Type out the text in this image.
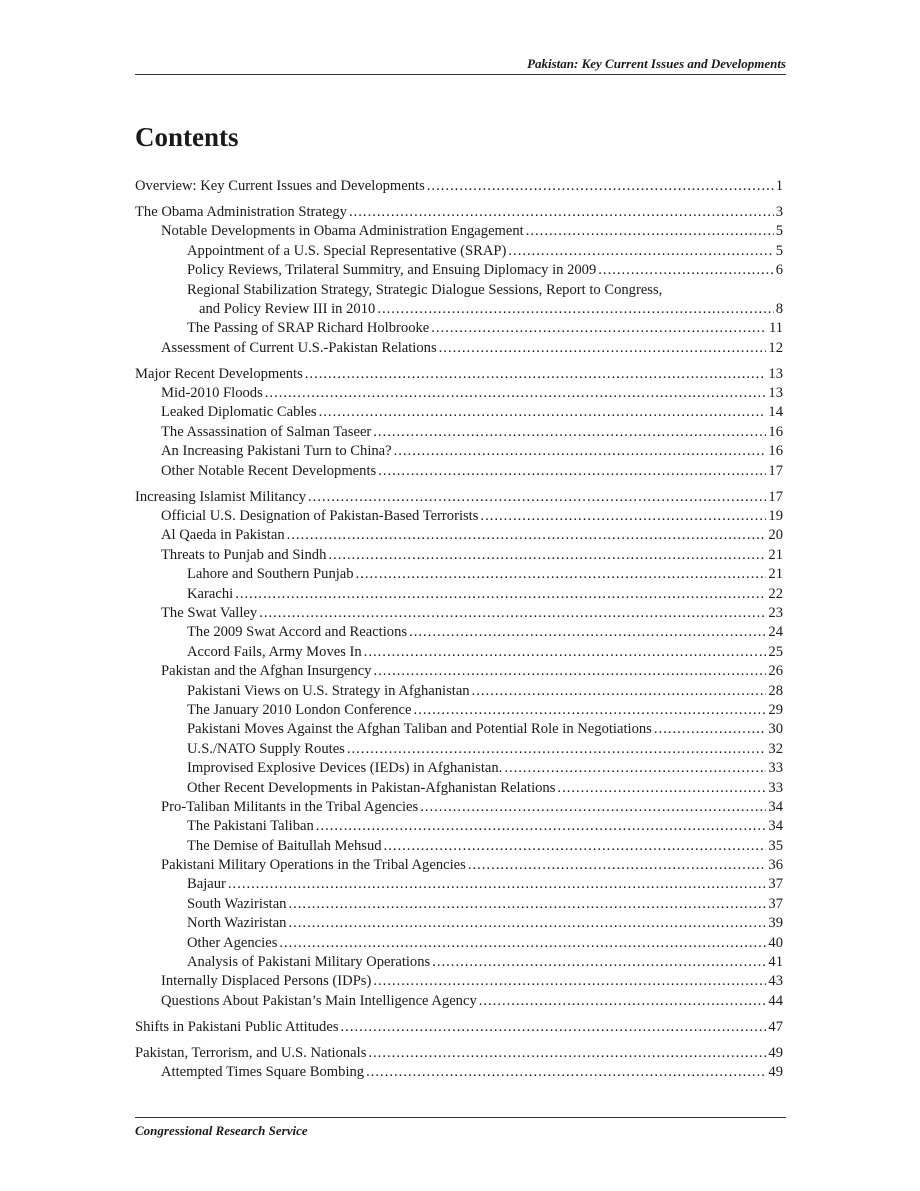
Pakistan: Key Current Issues and Developments
Contents
Overview: Key Current Issues and Developments .....	1
The Obama Administration Strategy .....	3
Notable Developments in Obama Administration Engagement .....	5
Appointment of a U.S. Special Representative (SRAP) .....	5
Policy Reviews, Trilateral Summitry, and Ensuing Diplomacy in 2009 .....	6
Regional Stabilization Strategy, Strategic Dialogue Sessions, Report to Congress,
and Policy Review III in 2010 .....	8
The Passing of SRAP Richard Holbrooke .....	11
Assessment of Current U.S.-Pakistan Relations .....	12
Major Recent Developments .....	13
Mid-2010 Floods .....	13
Leaked Diplomatic Cables .....	14
The Assassination of Salman Taseer .....	16
An Increasing Pakistani Turn to China? .....	16
Other Notable Recent Developments .....	17
Increasing Islamist Militancy .....	17
Official U.S. Designation of Pakistan-Based Terrorists .....	19
Al Qaeda in Pakistan .....	20
Threats to Punjab and Sindh .....	21
Lahore and Southern Punjab .....	21
Karachi .....	22
The Swat Valley .....	23
The 2009 Swat Accord and Reactions .....	24
Accord Fails, Army Moves In .....	25
Pakistan and the Afghan Insurgency .....	26
Pakistani Views on U.S. Strategy in Afghanistan .....	28
The January 2010 London Conference .....	29
Pakistani Moves Against the Afghan Taliban and Potential Role in Negotiations .....	30
U.S./NATO Supply Routes .....	32
Improvised Explosive Devices (IEDs) in Afghanistan. .....	33
Other Recent Developments in Pakistan-Afghanistan Relations .....	33
Pro-Taliban Militants in the Tribal Agencies .....	34
The Pakistani Taliban .....	34
The Demise of Baitullah Mehsud .....	35
Pakistani Military Operations in the Tribal Agencies .....	36
Bajaur .....	37
South Waziristan .....	37
North Waziristan .....	39
Other Agencies .....	40
Analysis of Pakistani Military Operations .....	41
Internally Displaced Persons (IDPs) .....	43
Questions About Pakistan’s Main Intelligence Agency .....	44
Shifts in Pakistani Public Attitudes .....	47
Pakistan, Terrorism, and U.S. Nationals .....	49
Attempted Times Square Bombing .....	49
Congressional Research Service
